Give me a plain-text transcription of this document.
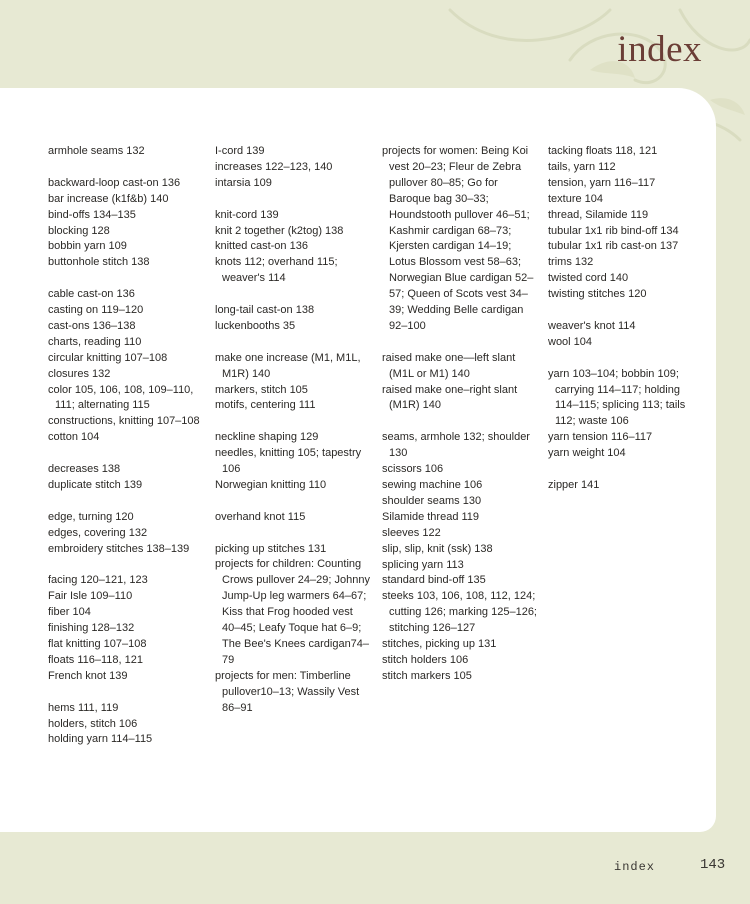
index
armhole seams 132
backward-loop cast-on 136
bar increase (k1f&b) 140
bind-offs 134–135
blocking 128
bobbin yarn 109
buttonhole stitch 138
cable cast-on 136
casting on 119–120
cast-ons 136–138
charts, reading 110
circular knitting 107–108
closures 132
color 105, 106, 108, 109–110, 111; alternating 115
constructions, knitting 107–108
cotton 104
decreases 138
duplicate stitch 139
edge, turning 120
edges, covering 132
embroidery stitches 138–139
facing 120–121, 123
Fair Isle 109–110
fiber 104
finishing 128–132
flat knitting 107–108
floats 116–118, 121
French knot 139
hems 111, 119
holders, stitch 106
holding yarn 114–115
I-cord 139
increases 122–123, 140
intarsia 109
knit-cord 139
knit 2 together (k2tog) 138
knitted cast-on 136
knots 112; overhand 115; weaver's 114
long-tail cast-on 138
luckenbooths 35
make one increase (M1, M1L, M1R) 140
markers, stitch 105
motifs, centering 111
neckline shaping 129
needles, knitting 105; tapestry 106
Norwegian knitting 110
overhand knot 115
picking up stitches 131
projects for children: Counting Crows pullover 24–29; Johnny Jump-Up leg warmers 64–67; Kiss that Frog hooded vest 40–45; Leafy Toque hat 6–9; The Bee's Knees cardigan74–79
projects for men: Timberline pullover10–13; Wassily Vest 86–91
projects for women: Being Koi vest 20–23; Fleur de Zebra pullover 80–85; Go for Baroque bag 30–33; Houndstooth pullover 46–51; Kashmir cardigan 68–73; Kjersten cardigan 14–19; Lotus Blossom vest 58–63; Norwegian Blue cardigan 52–57; Queen of Scots vest 34–39; Wedding Belle cardigan 92–100
raised make one—left slant (M1L or M1) 140
raised make one–right slant (M1R) 140
seams, armhole 132; shoulder 130
scissors 106
sewing machine 106
shoulder seams 130
Silamide thread 119
sleeves 122
slip, slip, knit (ssk) 138
splicing yarn 113
standard bind-off 135
steeks 103, 106, 108, 112, 124; cutting 126; marking 125–126; stitching 126–127
stitches, picking up 131
stitch holders 106
stitch markers 105
tacking floats 118, 121
tails, yarn 112
tension, yarn 116–117
texture 104
thread, Silamide 119
tubular 1x1 rib bind-off 134
tubular 1x1 rib cast-on 137
trims 132
twisted cord 140
twisting stitches 120
weaver's knot 114
wool 104
yarn 103–104; bobbin 109; carrying 114–117; holding 114–115; splicing 113; tails 112; waste 106
yarn tension 116–117
yarn weight 104
zipper 141
index	143
